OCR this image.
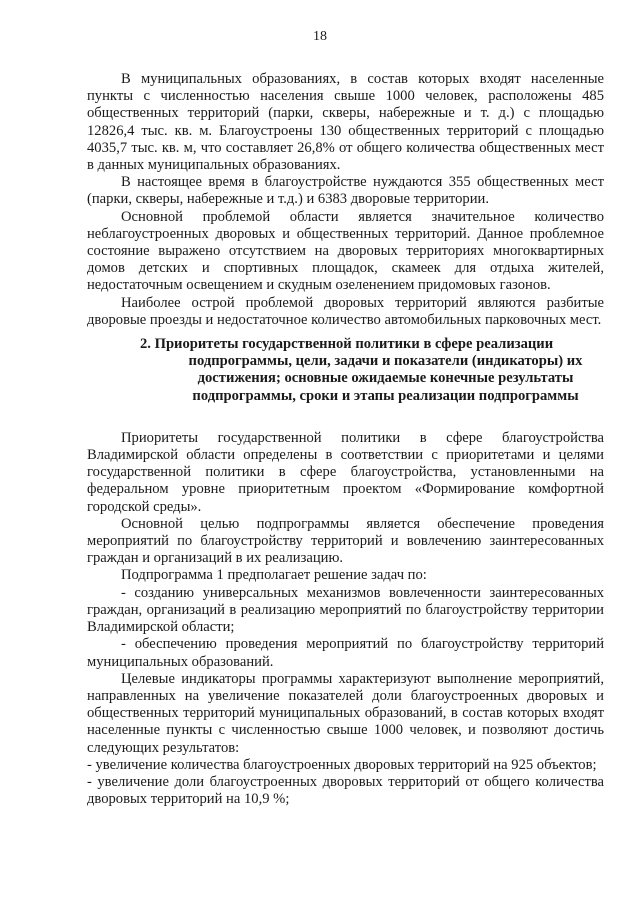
18

В муниципальных образованиях, в состав которых входят населенные пункты с численностью населения свыше 1000 человек, расположены 485 общественных территорий (парки, скверы, набережные и т. д.) с площадью 12826,4 тыс. кв. м. Благоустроены 130 общественных территорий с площадью 4035,7 тыс. кв. м, что составляет 26,8% от общего количества общественных мест в данных муниципальных образованиях.

В настоящее время в благоустройстве нуждаются 355 общественных мест (парки, скверы, набережные и т.д.) и 6383 дворовые территории.

Основной проблемой области является значительное количество неблагоустроенных дворовых и общественных территорий. Данное проблемное состояние выражено отсутствием на дворовых территориях многоквартирных домов детских и спортивных площадок, скамеек для отдыха жителей, недостаточным освещением и скудным озеленением придомовых газонов.

Наиболее острой проблемой дворовых территорий являются разбитые дворовые проезды и недостаточное количество автомобильных парковочных мест.

2. Приоритеты государственной политики в сфере реализации
подпрограммы, цели, задачи и показатели (индикаторы) их достижения; основные ожидаемые конечные результаты подпрограммы, сроки и этапы реализации подпрограммы

Приоритеты государственной политики в сфере благоустройства Владимирской области определены в соответствии с приоритетами и целями государственной политики в сфере благоустройства, установленными на федеральном уровне приоритетным проектом «Формирование комфортной городской среды».

Основной целью подпрограммы является обеспечение проведения мероприятий по благоустройству территорий и вовлечению заинтересованных граждан и организаций в их реализацию.

Подпрограмма 1 предполагает решение задач по:

- созданию универсальных механизмов вовлеченности заинтересованных граждан, организаций в реализацию мероприятий по благоустройству территории Владимирской области;

- обеспечению проведения мероприятий по благоустройству территорий муниципальных образований.

Целевые индикаторы программы характеризуют выполнение мероприятий, направленных на увеличение показателей доли благоустроенных дворовых и общественных территорий муниципальных образований, в состав которых входят населенные пункты с численностью свыше 1000 человек, и позволяют достичь следующих результатов:

- увеличение количества благоустроенных дворовых территорий на 925 объектов;

- увеличение доли благоустроенных дворовых территорий от общего количества дворовых территорий на 10,9 %;
